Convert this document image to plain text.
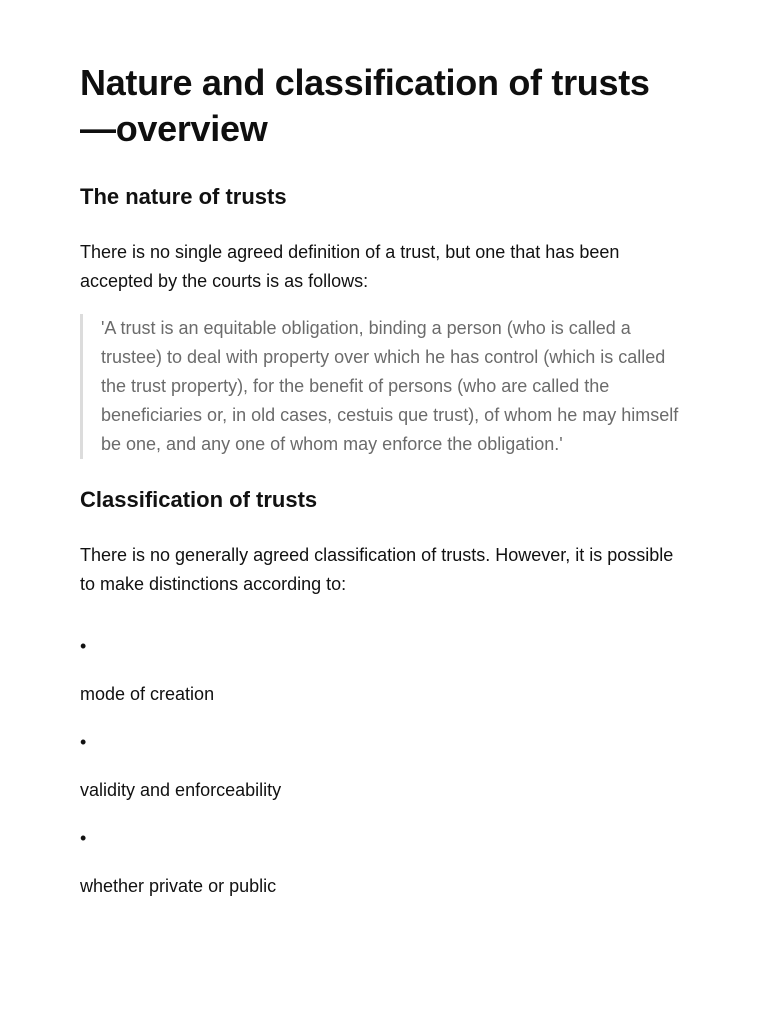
Nature and classification of trusts—overview
The nature of trusts

There is no single agreed definition of a trust, but one that has been accepted by the courts is as follows:

'A trust is an equitable obligation, binding a person (who is called a trustee) to deal with property over which he has control (which is called the trust property), for the benefit of persons (who are called the beneficiaries or, in old cases, cestuis que trust), of whom he may himself be one, and any one of whom may enforce the obligation.'
Classification of trusts

There is no generally agreed classification of trusts. However, it is possible to make distinctions according to:

•
mode of creation
•
validity and enforceability
•
whether private or public
